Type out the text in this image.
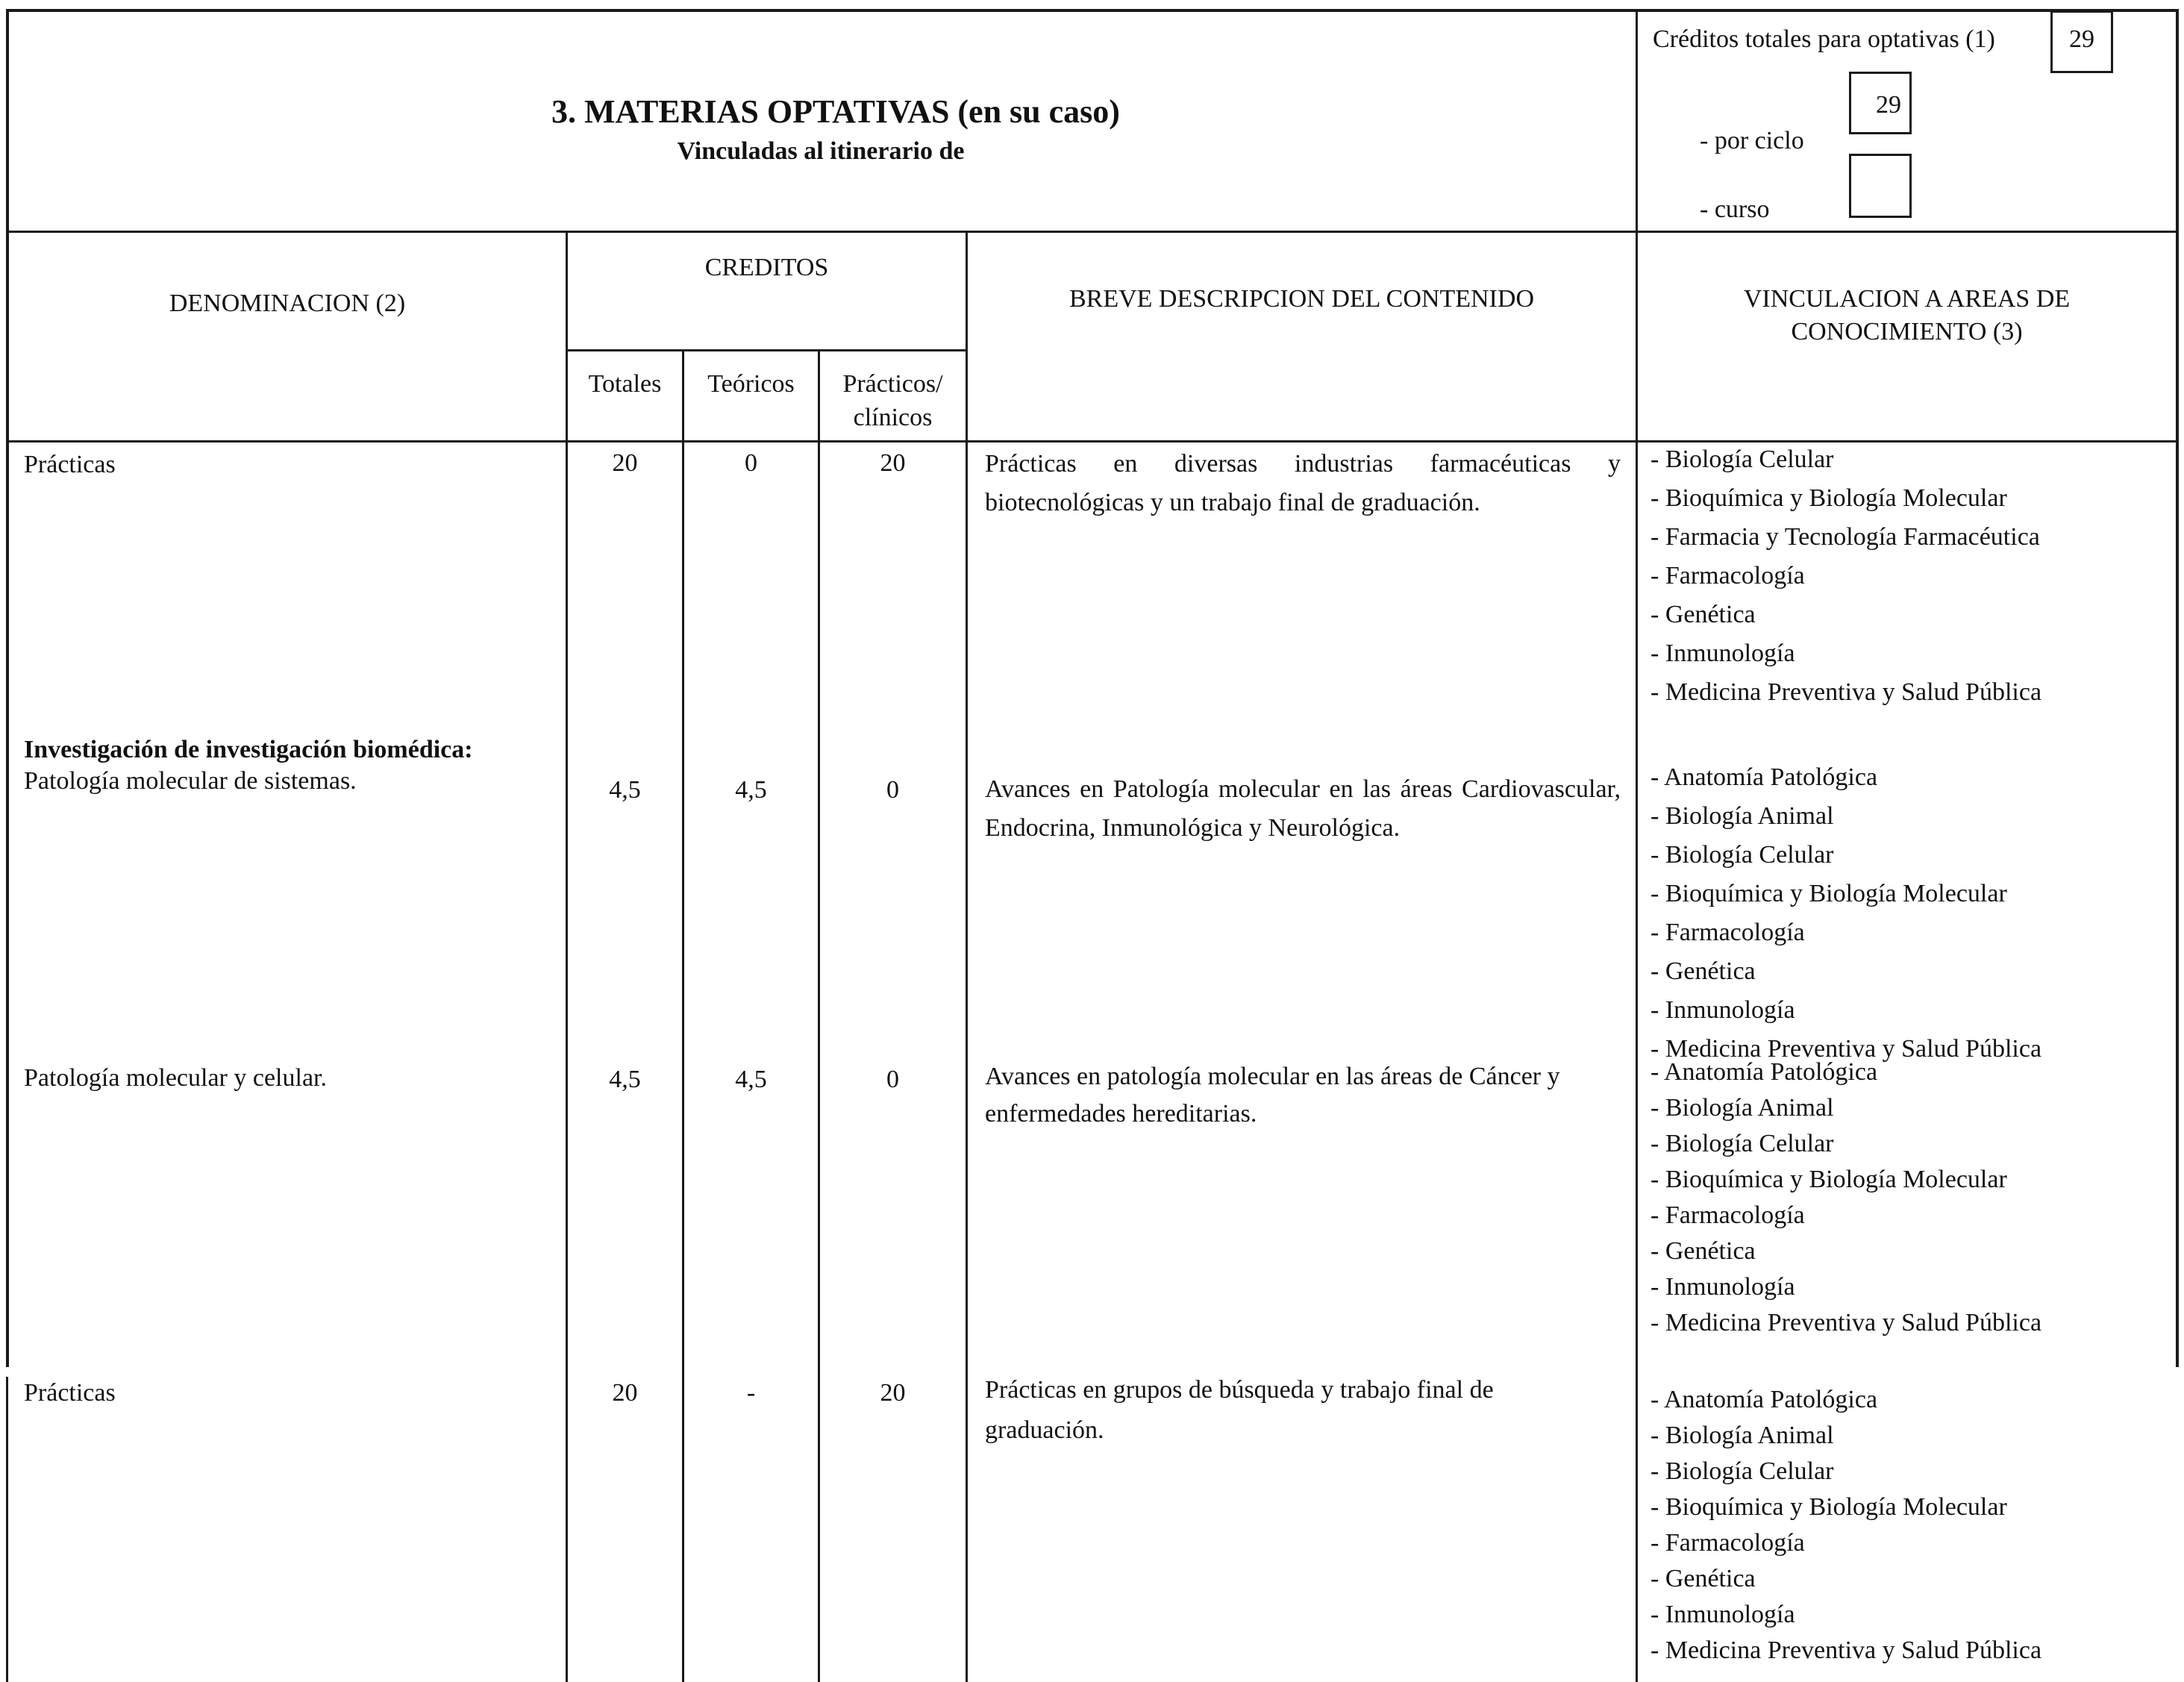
3. MATERIAS OPTATIVAS (en su caso)
Vinculadas al itinerario de
Créditos totales para optativas (1)	29
- por ciclo
29
- curso
DENOMINACION (2)
CREDITOS
Totales	Teóricos	Prácticos/
clínicos
BREVE DESCRIPCION DEL CONTENIDO	VINCULACION A AREAS DE
CONOCIMIENTO (3)
Prácticas	20	0	20	Prácticas en diversas industrias farmacéuticas y biotecnológicas y un trabajo final de graduación.
- Biología Celular
- Bioquímica y Biología Molecular
- Farmacia y Tecnología Farmacéutica
- Farmacología
- Genética
- Inmunología
- Medicina Preventiva y Salud Pública
Investigación de investigación biomédica:
Patología molecular de sistemas.	4,5	4,5	0	Avances en Patología molecular en las áreas Cardiovascular, Endocrina, Inmunológica y Neurológica.
- Anatomía Patológica
- Biología Animal
- Biología Celular
- Bioquímica y Biología Molecular
- Farmacología
- Genética
- Inmunología
- Medicina Preventiva y Salud Pública
Patología molecular y celular.	4,5	4,5	0	Avances en patología molecular en las áreas de Cáncer y enfermedades hereditarias.
- Anatomía Patológica
- Biología Animal
- Biología Celular
- Bioquímica y Biología Molecular
- Farmacología
- Genética
- Inmunología
- Medicina Preventiva y Salud Pública
Prácticas	20	-	20	Prácticas en grupos de búsqueda y trabajo final de graduación.
- Anatomía Patológica
- Biología Animal
- Biología Celular
- Bioquímica y Biología Molecular
- Farmacología
- Genética
- Inmunología
- Medicina Preventiva y Salud Pública
